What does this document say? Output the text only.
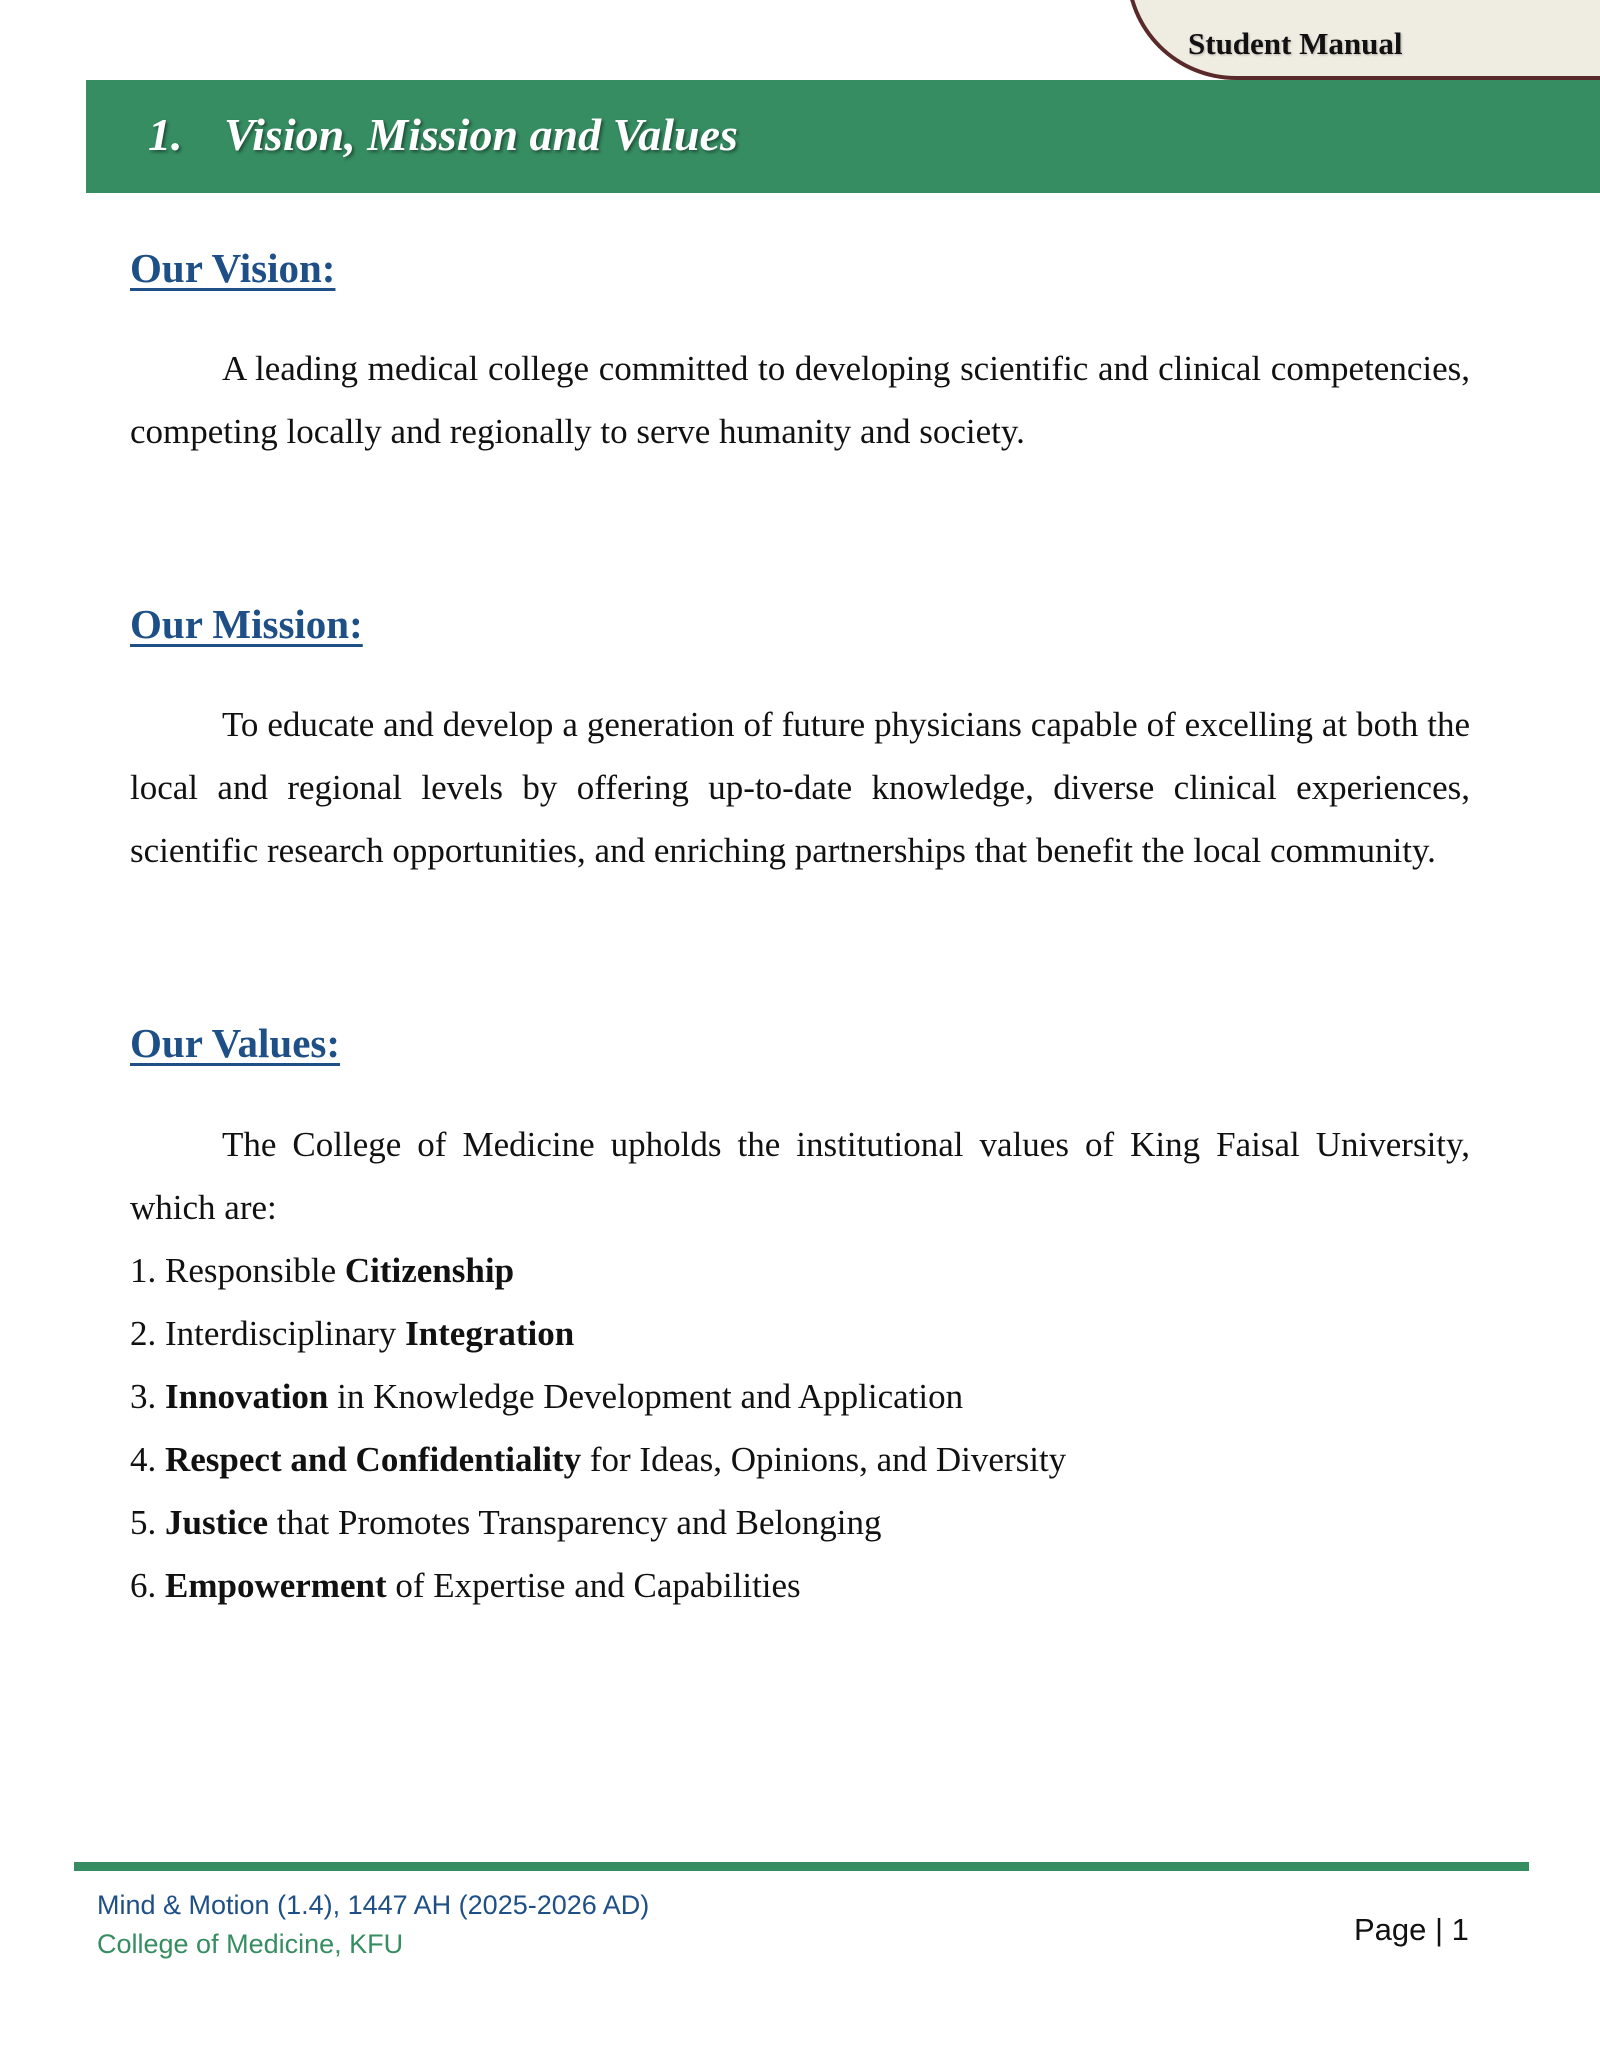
Student Manual
1. Vision, Mission and Values
Our Vision:

A leading medical college committed to developing scientific and clinical competencies, competing locally and regionally to serve humanity and society.

Our Mission:

To educate and develop a generation of future physicians capable of excelling at both the local and regional levels by offering up-to-date knowledge, diverse clinical experiences, scientific research opportunities, and enriching partnerships that benefit the local community.

Our Values:

The College of Medicine upholds the institutional values of King Faisal University, which are:

1. Responsible Citizenship
2. Interdisciplinary Integration
3. Innovation in Knowledge Development and Application
4. Respect and Confidentiality for Ideas, Opinions, and Diversity
5. Justice that Promotes Transparency and Belonging
6. Empowerment of Expertise and Capabilities
Mind & Motion (1.4), 1447 AH (2025-2026 AD)
College of Medicine, KFU	Page | 1
